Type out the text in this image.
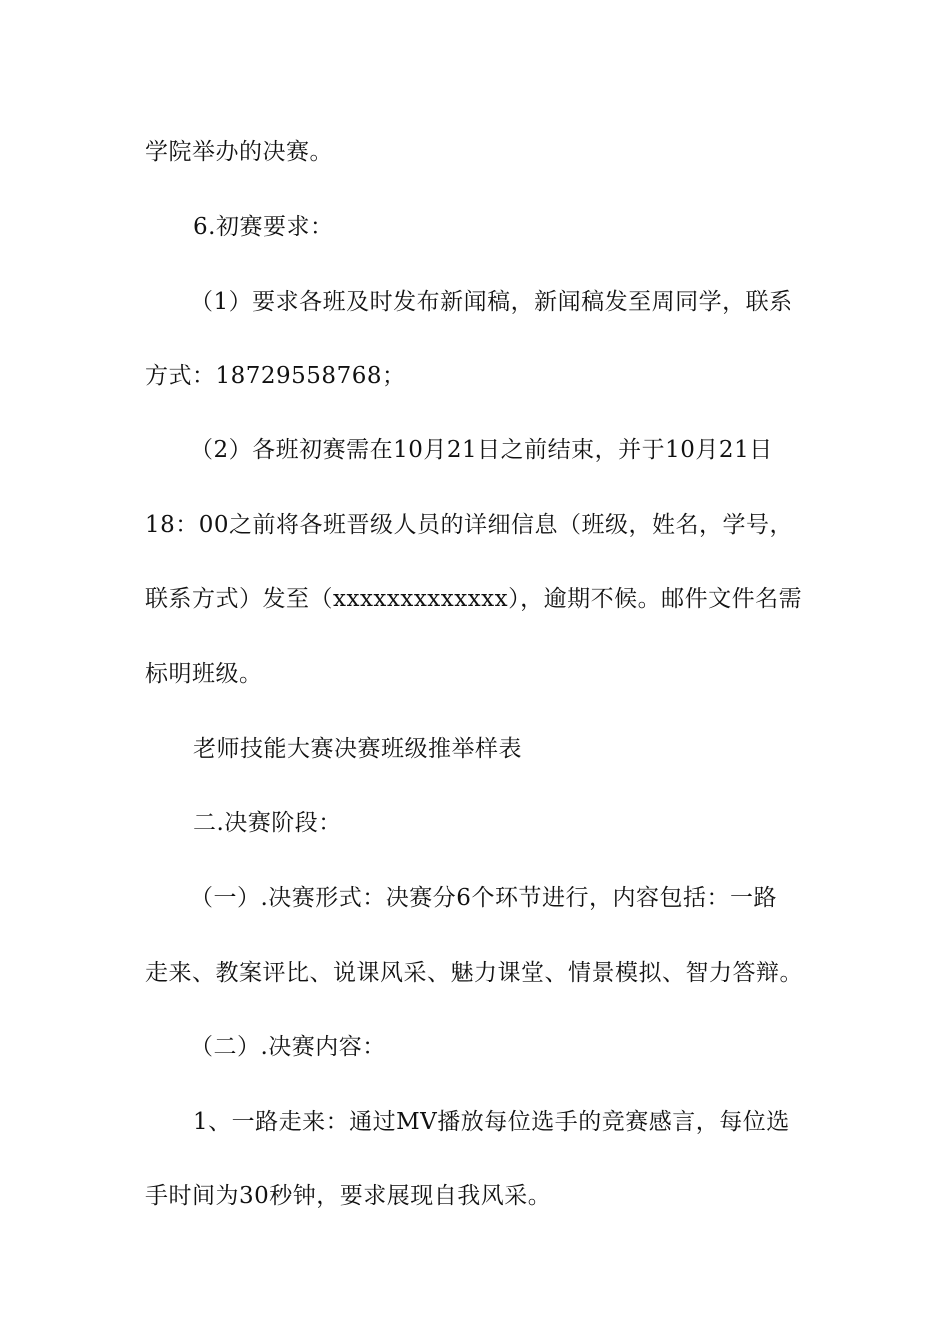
学院举办的决赛。
6.初赛要求：
（1）要求各班及时发布新闻稿，新闻稿发至周同学，联系
方式：18729558768；
（2）各班初赛需在10月21日之前结束，并于10月21日
18：00之前将各班晋级人员的详细信息（班级，姓名，学号，
联系方式）发至（xxxxxxxxxxxxx），逾期不候。邮件文件名需
标明班级。
老师技能大赛决赛班级推举样表
二.决赛阶段：
（一）.决赛形式：决赛分6个环节进行，内容包括：一路
走来、教案评比、说课风采、魅力课堂、情景模拟、智力答辩。
（二）.决赛内容：
1、一路走来：通过MV播放每位选手的竞赛感言，每位选
手时间为30秒钟，要求展现自我风采。
